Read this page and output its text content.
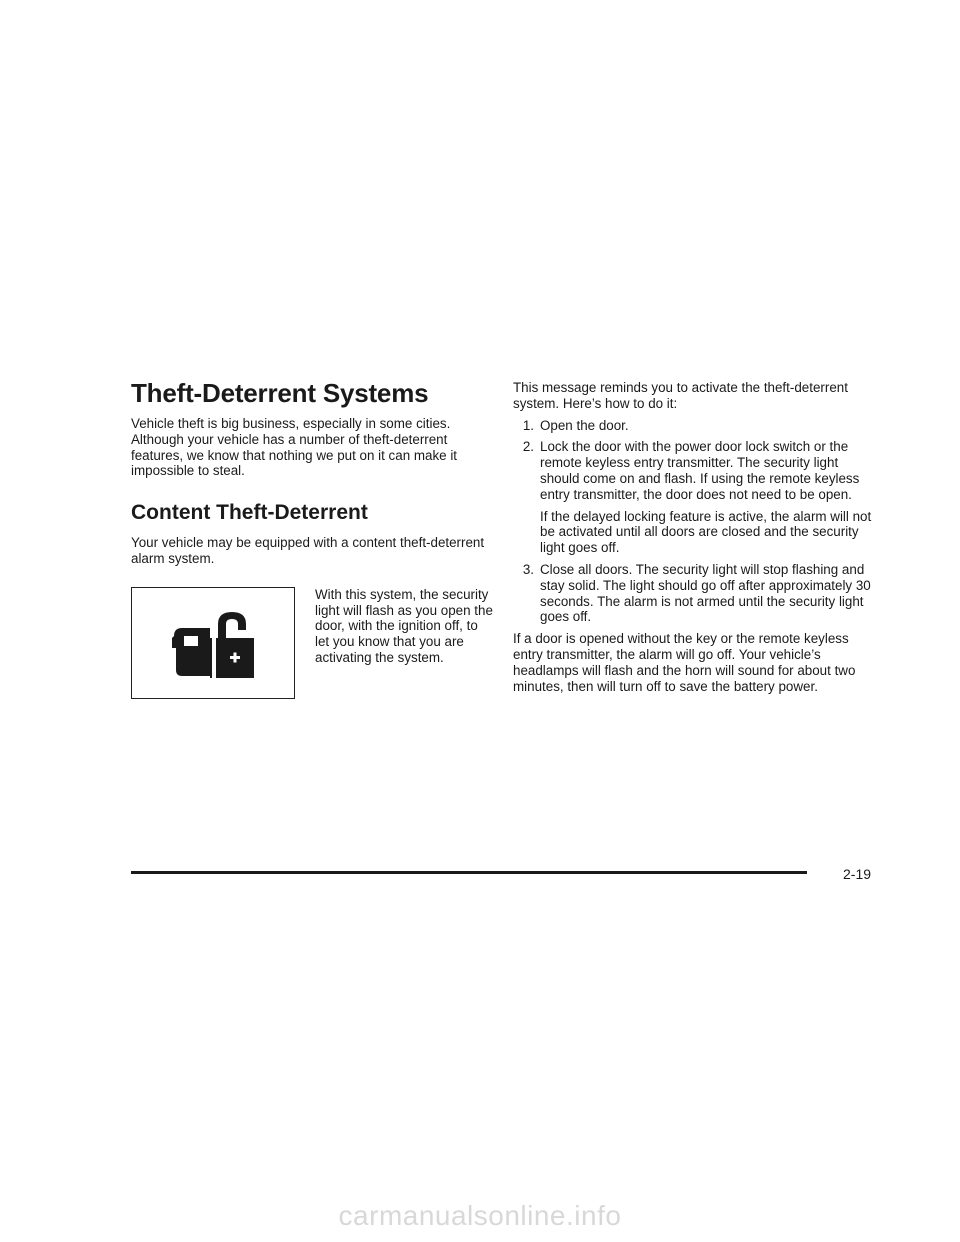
Theft-Deterrent Systems

Vehicle theft is big business, especially in some cities. Although your vehicle has a number of theft-deterrent features, we know that nothing we put on it can make it impossible to steal.

Content Theft-Deterrent

Your vehicle may be equipped with a content theft-deterrent alarm system.

With this system, the security light will flash as you open the door, with the ignition off, to let you know that you are activating the system.

This message reminds you to activate the theft-deterrent system. Here’s how to do it:

1. Open the door.
2. Lock the door with the power door lock switch or the remote keyless entry transmitter. The security light should come on and flash. If using the remote keyless entry transmitter, the door does not need to be open.

If the delayed locking feature is active, the alarm will not be activated until all doors are closed and the security light goes off.

3. Close all doors. The security light will stop flashing and stay solid. The light should go off after approximately 30 seconds. The alarm is not armed until the security light goes off.

If a door is opened without the key or the remote keyless entry transmitter, the alarm will go off. Your vehicle’s headlamps will flash and the horn will sound for about two minutes, then will turn off to save the battery power.

2-19
carmanualsonline.info
